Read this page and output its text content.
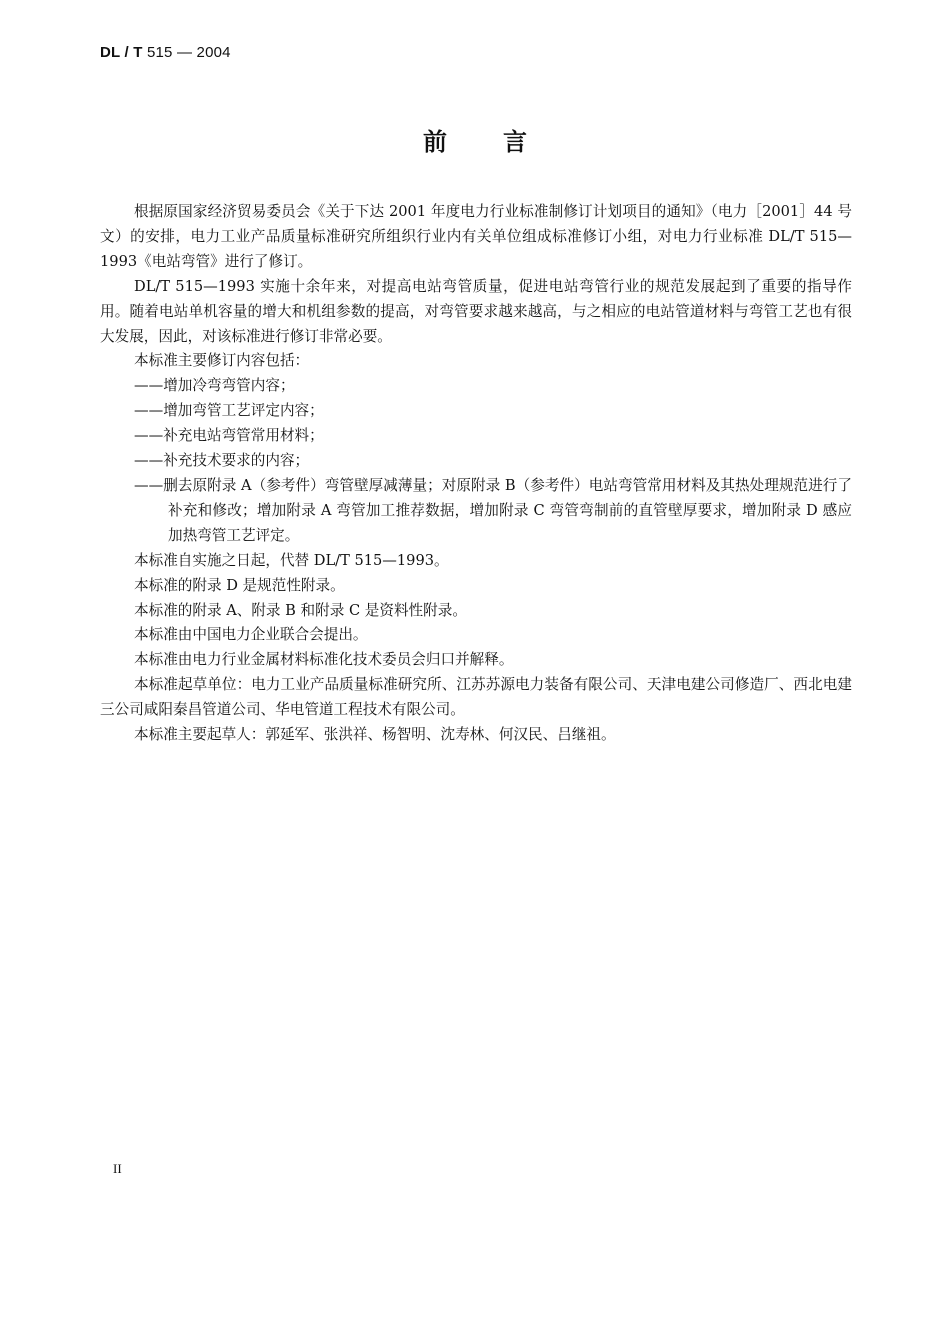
DL / T 515 — 2004
前 言

根据原国家经济贸易委员会《关于下达 2001 年度电力行业标准制修订计划项目的通知》（电力［2001］44 号文）的安排，电力工业产品质量标准研究所组织行业内有关单位组成标准修订小组，对电力行业标准 DL/T 515—1993《电站弯管》进行了修订。

DL/T 515—1993 实施十余年来，对提高电站弯管质量，促进电站弯管行业的规范发展起到了重要的指导作用。随着电站单机容量的增大和机组参数的提高，对弯管要求越来越高，与之相应的电站管道材料与弯管工艺也有很大发展，因此，对该标准进行修订非常必要。

本标准主要修订内容包括：

——增加冷弯弯管内容；

——增加弯管工艺评定内容；

——补充电站弯管常用材料；

——补充技术要求的内容；

——删去原附录 A（参考件）弯管壁厚减薄量；对原附录 B（参考件）电站弯管常用材料及其热处理规范进行了补充和修改；增加附录 A 弯管加工推荐数据，增加附录 C 弯管弯制前的直管壁厚要求，增加附录 D 感应加热弯管工艺评定。

本标准自实施之日起，代替 DL/T 515—1993。

本标准的附录 D 是规范性附录。

本标准的附录 A、附录 B 和附录 C 是资料性附录。

本标准由中国电力企业联合会提出。

本标准由电力行业金属材料标准化技术委员会归口并解释。

本标准起草单位：电力工业产品质量标准研究所、江苏苏源电力装备有限公司、天津电建公司修造厂、西北电建三公司咸阳秦昌管道公司、华电管道工程技术有限公司。

本标准主要起草人：郭延军、张洪祥、杨智明、沈寿林、何汉民、吕继祖。

II
